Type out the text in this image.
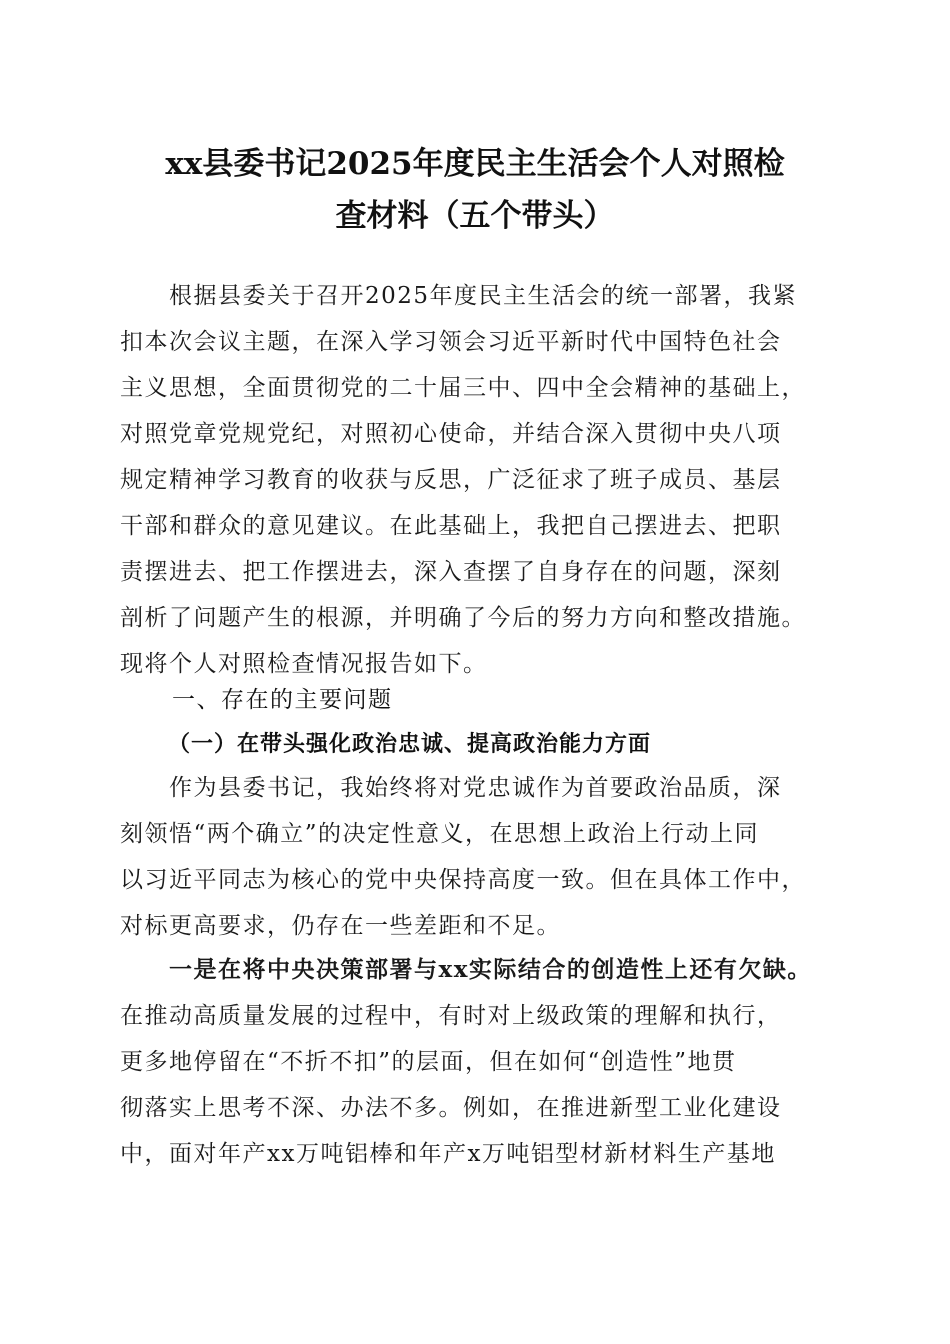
xx县委书记2025年度民主生活会个人对照检
查材料（五个带头）
　　根据县委关于召开2025年度民主生活会的统一部署，我紧
扣本次会议主题，在深入学习领会习近平新时代中国特色社会
主义思想，全面贯彻党的二十届三中、四中全会精神的基础上，
对照党章党规党纪，对照初心使命，并结合深入贯彻中央八项
规定精神学习教育的收获与反思，广泛征求了班子成员、基层
干部和群众的意见建议。在此基础上，我把自己摆进去、把职
责摆进去、把工作摆进去，深入查摆了自身存在的问题，深刻
剖析了问题产生的根源，并明确了今后的努力方向和整改措施。
现将个人对照检查情况报告如下。
一、存在的主要问题
（一）在带头强化政治忠诚、提高政治能力方面
　　作为县委书记，我始终将对党忠诚作为首要政治品质，深
刻领悟“两个确立”的决定性意义，在思想上政治上行动上同
以习近平同志为核心的党中央保持高度一致。但在具体工作中，
对标更高要求，仍存在一些差距和不足。
　　一是在将中央决策部署与xx实际结合的创造性上还有欠缺。
在推动高质量发展的过程中，有时对上级政策的理解和执行，
更多地停留在“不折不扣”的层面，但在如何“创造性”地贯
彻落实上思考不深、办法不多。例如，在推进新型工业化建设
中，面对年产xx万吨铝棒和年产x万吨铝型材新材料生产基地
